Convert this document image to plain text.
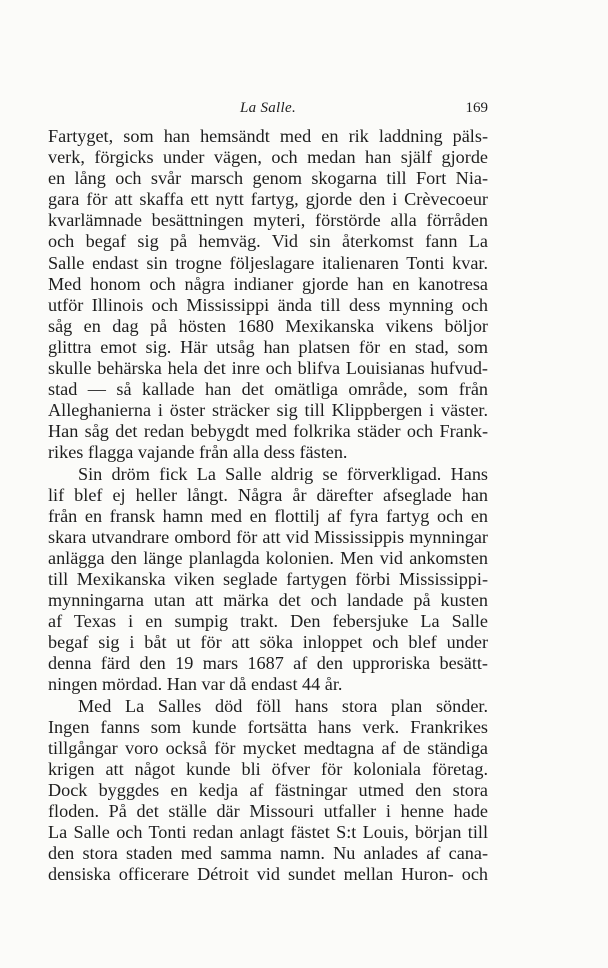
La Salle.	169
Fartyget, som han hemsändt med en rik laddning päls-
verk, förgicks under vägen, och medan han själf gjorde
en lång och svår marsch genom skogarna till Fort Nia-
gara för att skaffa ett nytt fartyg, gjorde den i Crèvecoeur
kvarlämnade besättningen myteri, förstörde alla förråden
och begaf sig på hemväg. Vid sin återkomst fann La
Salle endast sin trogne följeslagare italienaren Tonti kvar.
Med honom och några indianer gjorde han en kanotresa
utför Illinois och Mississippi ända till dess mynning och
såg en dag på hösten 1680 Mexikanska vikens böljor
glittra emot sig. Här utsåg han platsen för en stad, som
skulle behärska hela det inre och blifva Louisianas hufvud-
stad — så kallade han det omätliga område, som från
Alleghanierna i öster sträcker sig till Klippbergen i väster.
Han såg det redan bebygdt med folkrika städer och Frank-
rikes flagga vajande från alla dess fästen.
Sin dröm fick La Salle aldrig se förverkligad. Hans
lif blef ej heller långt. Några år därefter afseglade han
från en fransk hamn med en flottilj af fyra fartyg och en
skara utvandrare ombord för att vid Mississippis mynningar
anlägga den länge planlagda kolonien. Men vid ankomsten
till Mexikanska viken seglade fartygen förbi Mississippi-
mynningarna utan att märka det och landade på kusten
af Texas i en sumpig trakt. Den febersjuke La Salle
begaf sig i båt ut för att söka inloppet och blef under
denna färd den 19 mars 1687 af den upproriska besätt-
ningen mördad. Han var då endast 44 år.
Med La Salles död föll hans stora plan sönder.
Ingen fanns som kunde fortsätta hans verk. Frankrikes
tillgångar voro också för mycket medtagna af de ständiga
krigen att något kunde bli öfver för koloniala företag.
Dock byggdes en kedja af fästningar utmed den stora
floden. På det ställe där Missouri utfaller i henne hade
La Salle och Tonti redan anlagt fästet S:t Louis, början till
den stora staden med samma namn. Nu anlades af cana-
densiska officerare Détroit vid sundet mellan Huron- och
